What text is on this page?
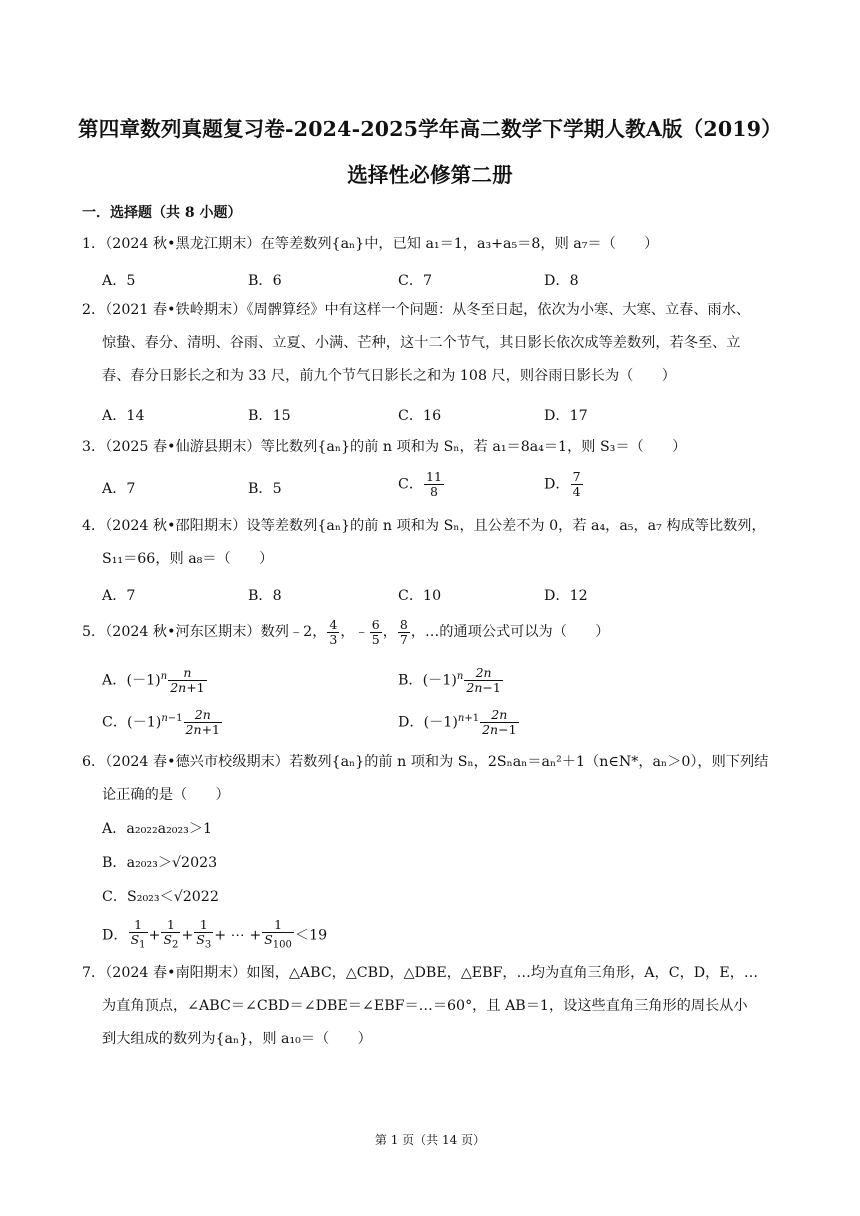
第四章数列真题复习卷-2024-2025学年高二数学下学期人教A版（2019）
选择性必修第二册
一．选择题（共 8 小题）
1．（2024 秋•黑龙江期末）在等差数列{aₙ}中，已知 a₁＝1，a₃+a₅＝8，则 a₇＝（　　）
A．5	B．6	C．7	D．8
2．（2021 春•铁岭期末）《周髀算经》中有这样一个问题：从冬至日起，依次为小寒、大寒、立春、雨水、
惊蛰、春分、清明、谷雨、立夏、小满、芒种，这十二个节气，其日影长依次成等差数列，若冬至、立
春、春分日影长之和为 33 尺，前九个节气日影长之和为 108 尺，则谷雨日影长为（　　）
A．14	B．15	C．16	D．17
3．（2025 春•仙游县期末）等比数列{aₙ}的前 n 项和为 Sₙ，若 a₁＝8a₄＝1，则 S₃＝（　　）
A．7	B．5	C． $\frac{11}{8}$	D． $\frac{7}{4}$
4．（2024 秋•邵阳期末）设等差数列{aₙ}的前 n 项和为 Sₙ，且公差不为 0，若 a₄，a₅，a₇ 构成等比数列，
S₁₁＝66，则 a₈＝（　　）
A．7	B．8	C．10	D．12
5．（2024 秋•河东区期末）数列﹣2， $\frac{4}{3}$ ，﹣ $\frac{6}{5}$ ， $\frac{8}{7}$ ，…的通项公式可以为（　　）
A．$(-1)^n \frac{n}{2n+1}$	B．$(-1)^n \frac{2n}{2n-1}$
C．$(-1)^{n-1} \frac{2n}{2n+1}$	D．$(-1)^{n+1} \frac{2n}{2n-1}$
6．（2024 春•德兴市校级期末）若数列{aₙ}的前 n 项和为 Sₙ，2Sₙaₙ＝aₙ²＋1（n∈N*，aₙ＞0），则下列结
论正确的是（　　）
A．a₂₀₂₂a₂₀₂₃＞1
B．a₂₀₂₃＞√2023
C．S₂₀₂₃＜√2022
D． $\frac{1}{S_1} + \frac{1}{S_2} + \frac{1}{S_3}$ + ⋯ + $\frac{1}{S_{100}} <19$
7．（2024 春•南阳期末）如图，△ABC，△CBD，△DBE，△EBF，…均为直角三角形，A，C，D，E，…
为直角顶点，∠ABC＝∠CBD＝∠DBE＝∠EBF＝…＝60°，且 AB＝1，设这些直角三角形的周长从小
到大组成的数列为{aₙ}，则 a₁₀＝（　　）
第 1 页（共 14 页）
